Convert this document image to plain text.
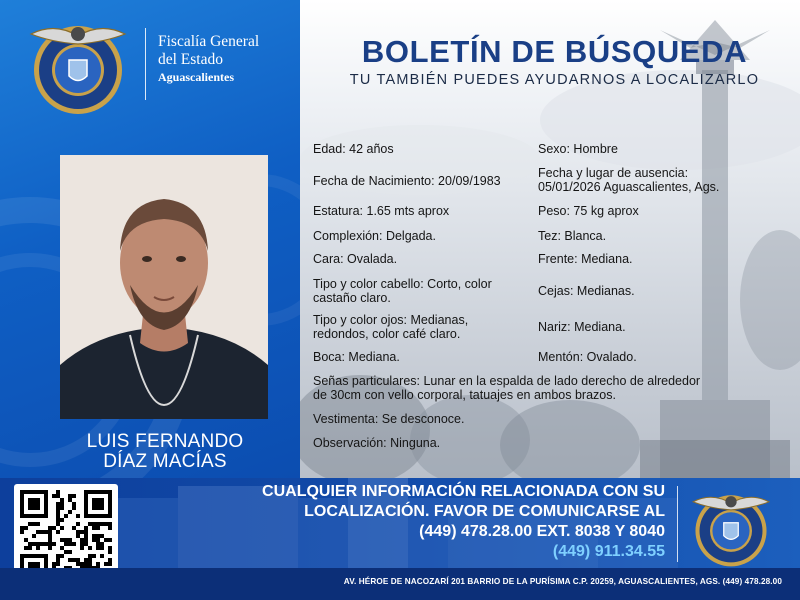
Fiscalía General
del Estado
Aguascalientes
LUIS FERNANDO
DÍAZ MACÍAS
BOLETÍN DE BÚSQUEDA
TU TAMBIÉN PUEDES AYUDARNOS A LOCALIZARLO
Edad: 42 años	Sexo: Hombre
Fecha de Nacimiento: 20/09/1983
Fecha y lugar de ausencia:
05/01/2026 Aguascalientes, Ags.
Estatura: 1.65 mts aprox	Peso: 75 kg aprox
Complexión: Delgada.	Tez: Blanca.
Cara: Ovalada.	Frente: Mediana.
Tipo y color cabello: Corto, color
castaño claro.	Cejas: Medianas.
Tipo y color ojos: Medianas,
redondos, color café claro.	Nariz: Mediana.
Boca: Mediana.	Mentón: Ovalado.
Señas particulares: Lunar en la espalda de lado derecho de alrededor
de 30cm con vello corporal, tatuajes en ambos brazos.
Vestimenta: Se desconoce.
Observación: Ninguna.
CUALQUIER INFORMACIÓN RELACIONADA CON SU
LOCALIZACIÓN. FAVOR DE COMUNICARSE AL
(449) 478.28.00 EXT. 8038 Y 8040
(449) 911.34.55
AV. HÉROE DE NACOZARÍ 201 BARRIO DE LA PURÍSIMA C.P. 20259, AGUASCALIENTES, AGS. (449) 478.28.00
